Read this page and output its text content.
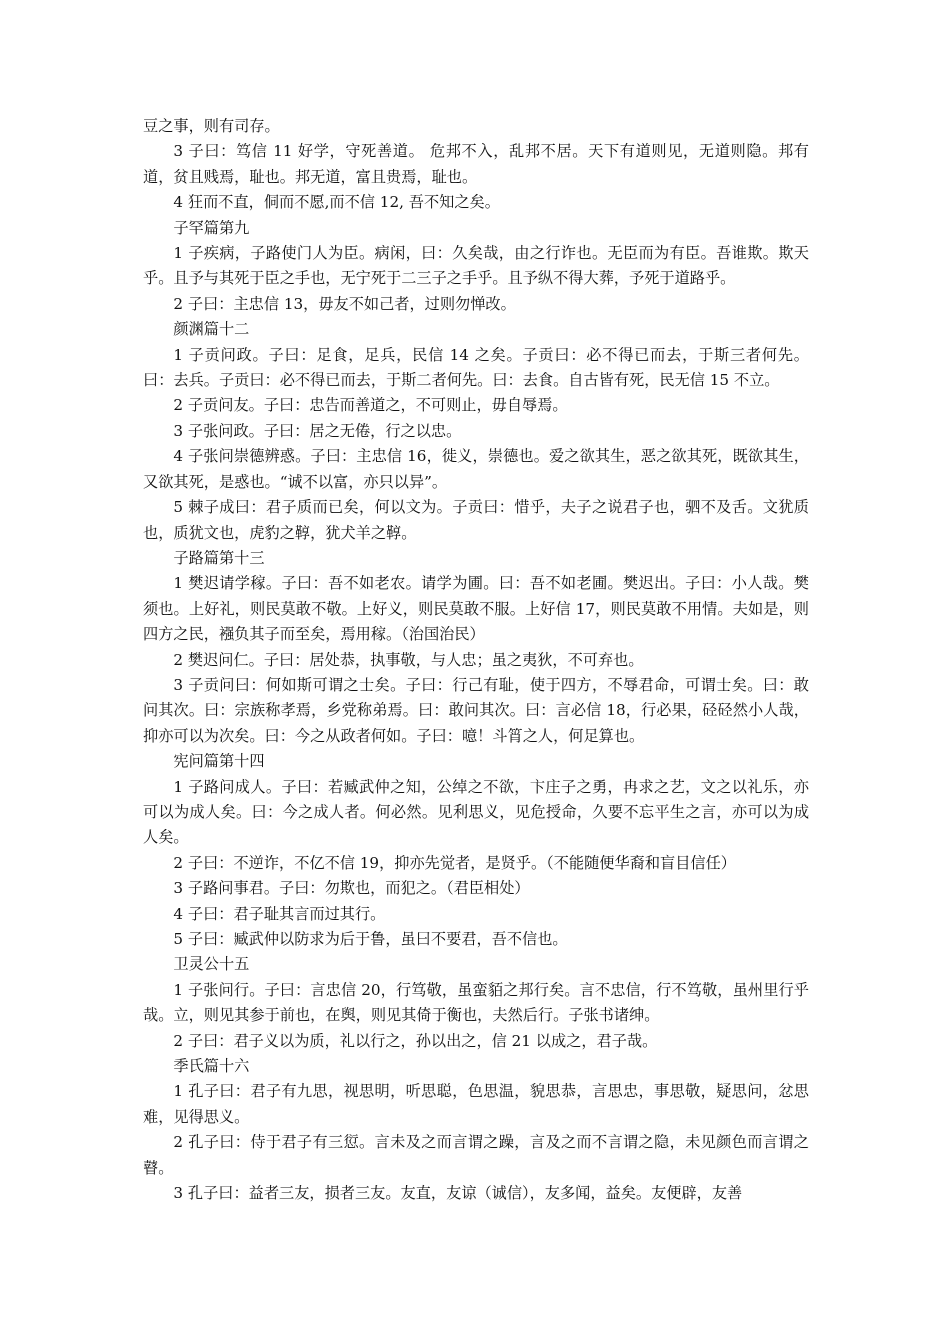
豆之事，则有司存。

3 子曰：笃信 11 好学，守死善道。 危邦不入，乱邦不居。天下有道则见，无道则隐。邦有道，贫且贱焉，耻也。邦无道，富且贵焉，耻也。

4 狂而不直，侗而不愿,而不信 12, 吾不知之矣。

子罕篇第九

1 子疾病，子路使门人为臣。病闲，曰：久矣哉，由之行诈也。无臣而为有臣。吾谁欺。欺天乎。且予与其死于臣之手也，无宁死于二三子之手乎。且予纵不得大葬，予死于道路乎。

2 子曰：主忠信 13，毋友不如己者，过则勿惮改。

颜渊篇十二

1 子贡问政。子曰：足食，足兵，民信 14 之矣。子贡曰：必不得已而去，于斯三者何先。曰：去兵。子贡曰：必不得已而去，于斯二者何先。曰：去食。自古皆有死，民无信 15 不立。

2 子贡问友。子曰：忠告而善道之，不可则止，毋自辱焉。

3 子张问政。子曰：居之无倦，行之以忠。

4 子张问崇德辨惑。子曰：主忠信 16，徙义，崇德也。爱之欲其生，恶之欲其死，既欲其生，又欲其死，是惑也。“诚不以富，亦只以异”。

5 棘子成曰：君子质而已矣，何以文为。子贡曰：惜乎，夫子之说君子也，驷不及舌。文犹质也，质犹文也，虎豹之鞟，犹犬羊之鞟。

子路篇第十三

1 樊迟请学稼。子曰：吾不如老农。请学为圃。曰：吾不如老圃。樊迟出。子曰：小人哉。樊须也。上好礼，则民莫敢不敬。上好义，则民莫敢不服。上好信 17，则民莫敢不用情。夫如是，则四方之民，襁负其子而至矣，焉用稼。（治国治民）

2 樊迟问仁。子曰：居处恭，执事敬，与人忠；虽之夷狄，不可弃也。

3 子贡问曰：何如斯可谓之士矣。子曰：行己有耻，使于四方，不辱君命，可谓士矣。曰：敢问其次。曰：宗族称孝焉，乡党称弟焉。曰：敢问其次。曰：言必信 18，行必果，硁硁然小人哉，抑亦可以为次矣。曰：今之从政者何如。子曰：噫！斗筲之人，何足算也。

宪问篇第十四

1 子路问成人。子曰：若臧武仲之知，公绰之不欲，卞庄子之勇，冉求之艺，文之以礼乐，亦可以为成人矣。曰：今之成人者。何必然。见利思义，见危授命，久要不忘平生之言，亦可以为成人矣。

2 子曰：不逆诈，不亿不信 19，抑亦先觉者，是贤乎。（不能随便华裔和盲目信任）

3 子路问事君。子曰：勿欺也，而犯之。（君臣相处）

4 子曰：君子耻其言而过其行。

5 子曰：臧武仲以防求为后于鲁，虽曰不要君，吾不信也。

卫灵公十五

1 子张问行。子曰：言忠信 20，行笃敬，虽蛮貊之邦行矣。言不忠信，行不笃敬，虽州里行乎哉。立，则见其参于前也，在舆，则见其倚于衡也，夫然后行。子张书诸绅。

2 子曰：君子义以为质，礼以行之，孙以出之，信 21 以成之，君子哉。

季氏篇十六

1 孔子曰：君子有九思，视思明，听思聪，色思温，貌思恭，言思忠，事思敬，疑思问，忿思难，见得思义。

2 孔子曰：侍于君子有三愆。言未及之而言谓之躁，言及之而不言谓之隐，未见颜色而言谓之瞽。

3 孔子曰：益者三友，损者三友。友直，友谅（诚信），友多闻，益矣。友便辟，友善
